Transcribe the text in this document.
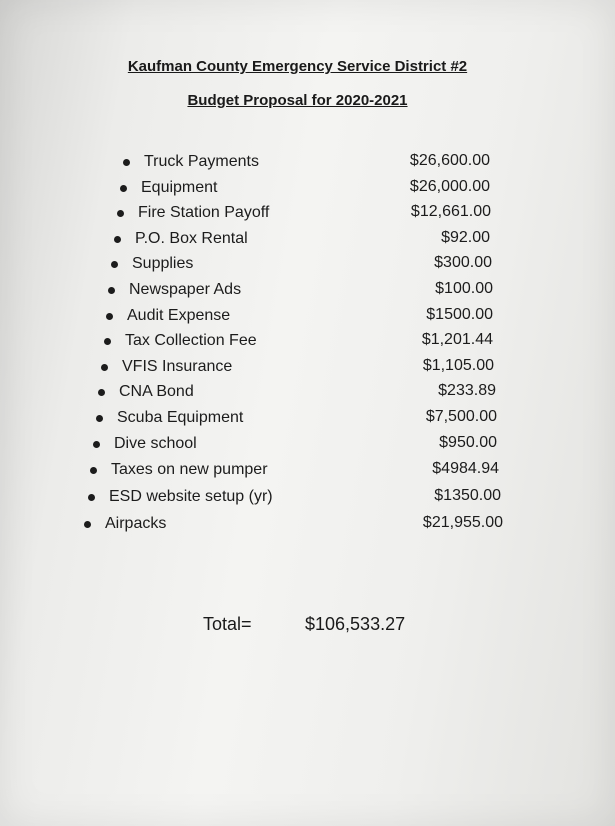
Kaufman County Emergency Service District #2
Budget Proposal for 2020-2021
Truck Payments	$26,600.00
Equipment	$26,000.00
Fire Station Payoff	$12,661.00
P.O. Box Rental	$92.00
Supplies	$300.00
Newspaper Ads	$100.00
Audit Expense	$1500.00
Tax Collection Fee	$1,201.44
VFIS Insurance	$1,105.00
CNA Bond	$233.89
Scuba Equipment	$7,500.00
Dive school	$950.00
Taxes on new pumper	$4984.94
ESD website setup (yr)	$1350.00
Airpacks	$21,955.00
Total=	$106,533.27
